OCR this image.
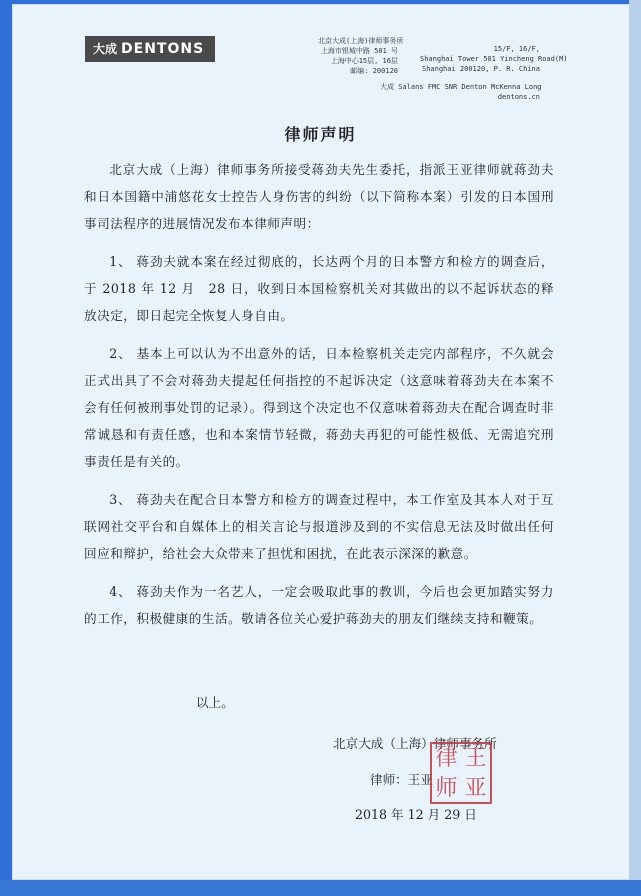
大成 DENTONS	北京大成(上海)律师事务所
上海市银城中路 501 号
上海中心15层, 16层
邮编: 200120
15/F, 16/F,
Shanghai Tower 501 Yincheng Road(M)
Shanghai 200120, P. R. China
大成 Salans FMC SNR Denton McKenna Long
dentons.cn
律师声明

北京大成（上海）律师事务所接受蒋劲夫先生委托，指派王亚律师就蒋劲夫和日本国籍中浦悠花女士控告人身伤害的纠纷（以下简称本案）引发的日本国刑事司法程序的进展情况发布本律师声明：

1、 蒋劲夫就本案在经过彻底的，长达两个月的日本警方和检方的调查后，于 2018 年 12 月　28 日，收到日本国检察机关对其做出的以不起诉状态的释放决定，即日起完全恢复人身自由。

2、 基本上可以认为不出意外的话，日本检察机关走完内部程序，不久就会正式出具了不会对蒋劲夫提起任何指控的不起诉决定（这意味着蒋劲夫在本案不会有任何被刑事处罚的记录）。得到这个决定也不仅意味着蒋劲夫在配合调查时非常诚恳和有责任感，也和本案情节轻微，蒋劲夫再犯的可能性极低、无需追究刑事责任是有关的。

3、 蒋劲夫在配合日本警方和检方的调查过程中，本工作室及其本人对于互联网社交平台和自媒体上的相关言论与报道涉及到的不实信息无法及时做出任何回应和辩护，给社会大众带来了担忧和困扰，在此表示深深的歉意。

4、 蒋劲夫作为一名艺人，一定会吸取此事的教训，今后也会更加踏实努力的工作，积极健康的生活。敬请各位关心爱护蒋劲夫的朋友们继续支持和鞭策。

以上。
北京大成（上海）律师事务所
律师：王亚
2018 年 12 月 29 日
律 王
师 亚
